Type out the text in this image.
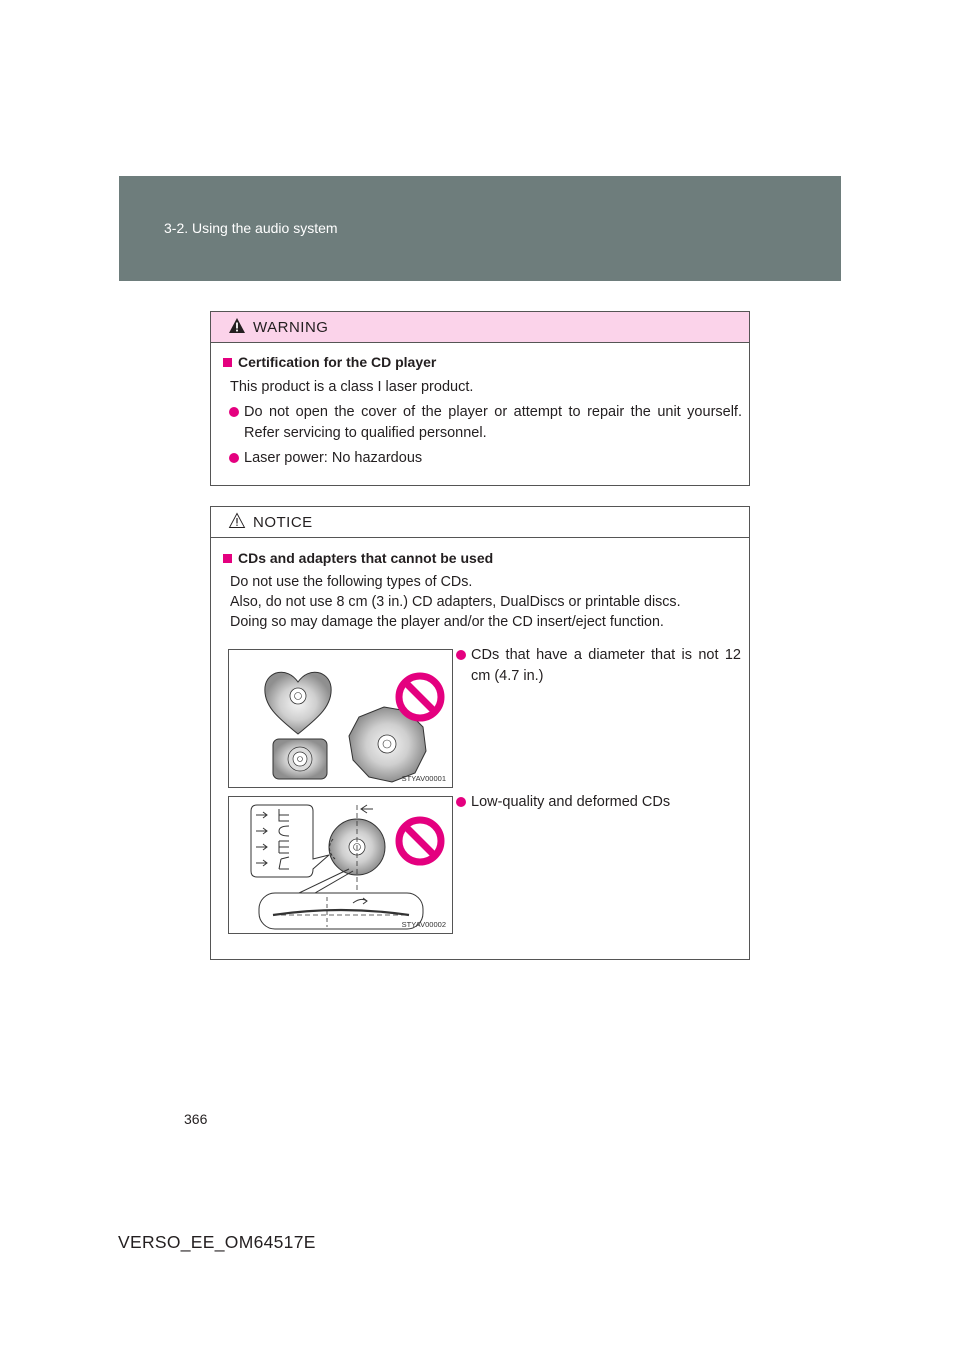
3-2. Using the audio system
WARNING
Certification for the CD player
This product is a class I laser product.
Do not open the cover of the player or attempt to repair the unit yourself. Refer servicing to qualified personnel.
Laser power: No hazardous
NOTICE
CDs and adapters that cannot be used
Do not use the following types of CDs.
Also, do not use 8 cm (3 in.) CD adapters, DualDiscs or printable discs.
Doing so may damage the player and/or the CD insert/eject function.
STYAV00001
CDs that have a diameter that is not 12 cm (4.7 in.)
STYAV00002
Low-quality and deformed CDs
366
VERSO_EE_OM64517E
